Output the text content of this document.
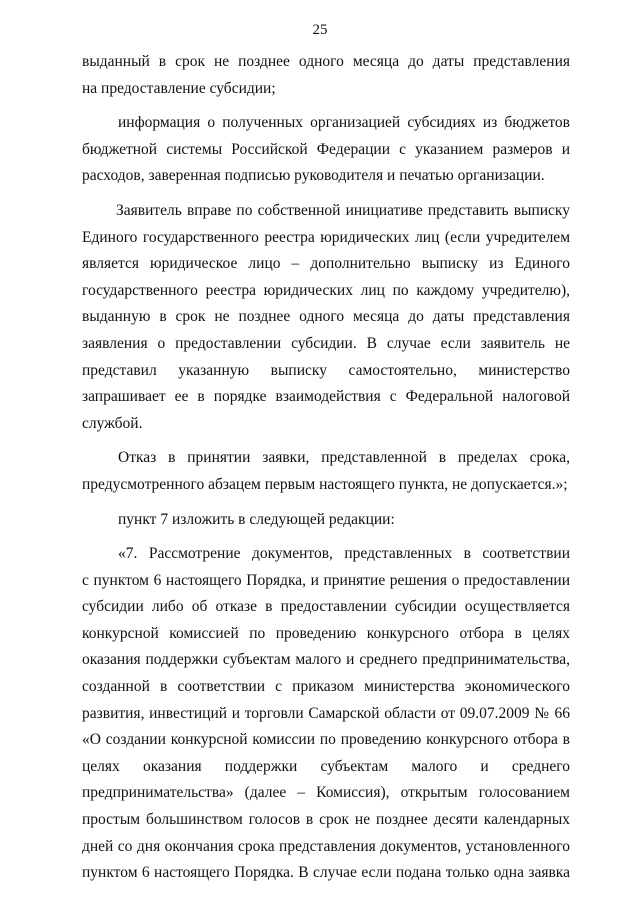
25
выданный в срок не позднее одного месяца до даты представления
на предоставление субсидии;
информация о полученных организацией субсидиях из бюджетов
бюджетной системы Российской Федерации с указанием размеров и
расходов, заверенная подписью руководителя и печатью организации.
Заявитель вправе по собственной инициативе представить выписку
Единого государственного реестра юридических лиц (если учредителем
является юридическое лицо – дополнительно выписку из Единого
государственного реестра юридических лиц по каждому учредителю),
выданную в срок не позднее одного месяца до даты представления
заявления о предоставлении субсидии. В случае если заявитель не
представил указанную выписку самостоятельно, министерство
запрашивает ее в порядке взаимодействия с Федеральной налоговой
службой.
Отказ в принятии заявки, представленной в пределах срока,
предусмотренного абзацем первым настоящего пункта, не допускается.»;
пункт 7 изложить в следующей редакции:
«7. Рассмотрение документов, представленных в соответствии
с пунктом 6 настоящего Порядка, и принятие решения о предоставлении
субсидии либо об отказе в предоставлении субсидии осуществляется
конкурсной комиссией по проведению конкурсного отбора в целях
оказания поддержки субъектам малого и среднего предпринимательства,
созданной в соответствии с приказом министерства экономического
развития, инвестиций и торговли Самарской области от 09.07.2009 № 66
«О создании конкурсной комиссии по проведению конкурсного отбора в
целях оказания поддержки субъектам малого и среднего
предпринимательства» (далее – Комиссия), открытым голосованием
простым большинством голосов в срок не позднее десяти календарных
дней со дня окончания срока представления документов, установленного
пунктом 6 настоящего Порядка. В случае если подана только одна заявка
